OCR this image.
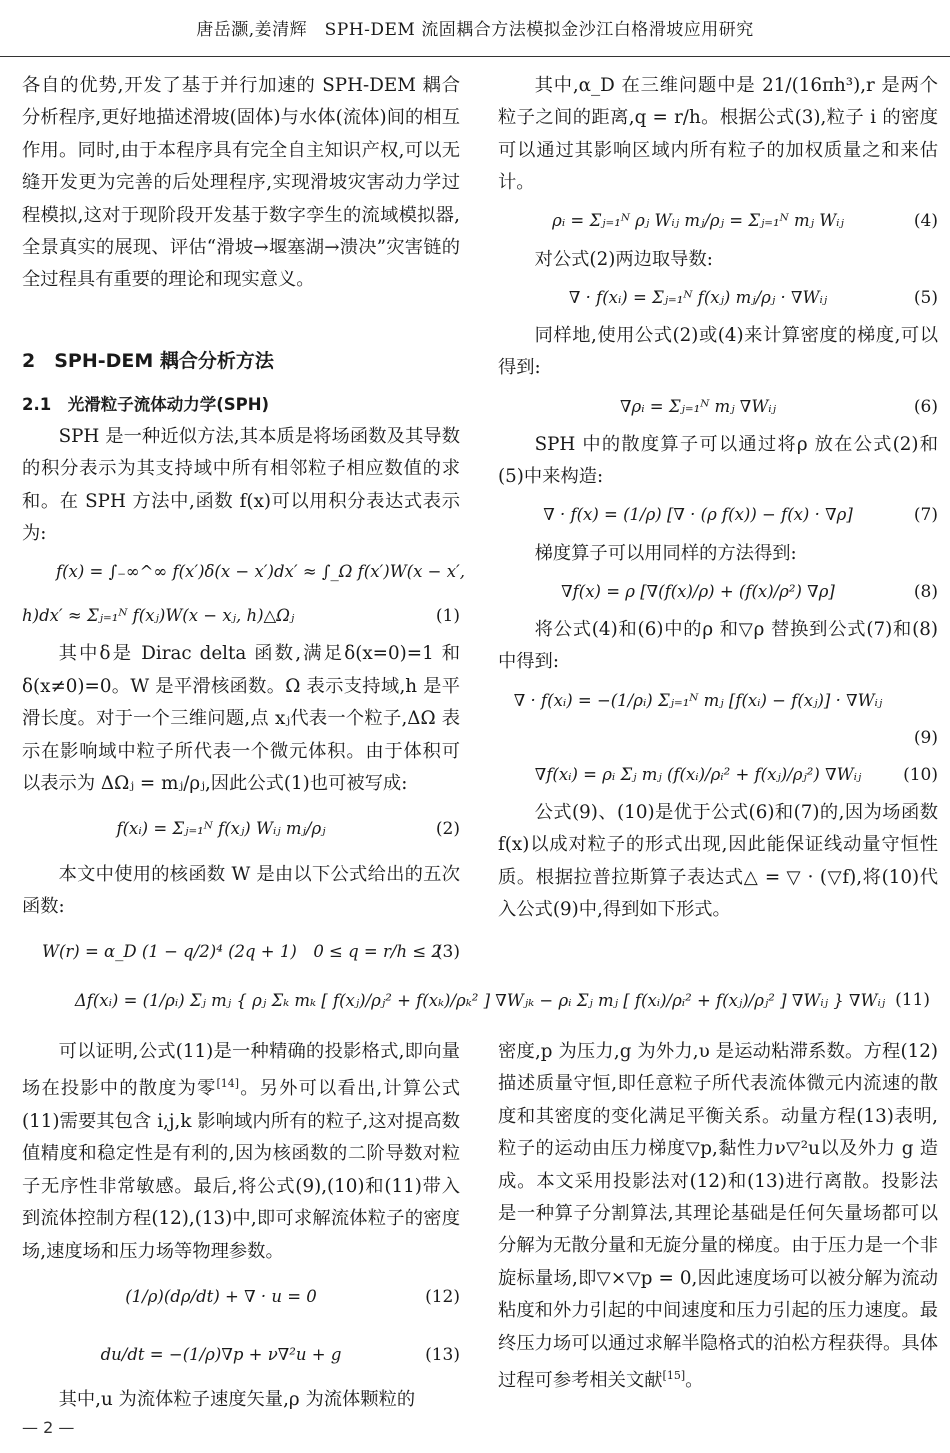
唐岳灏,姜清辉　SPH-DEM 流固耦合方法模拟金沙江白格滑坡应用研究

各自的优势,开发了基于并行加速的 SPH-DEM 耦合分析程序,更好地描述滑坡(固体)与水体(流体)间的相互作用。同时,由于本程序具有完全自主知识产权,可以无缝开发更为完善的后处理程序,实现滑坡灾害动力学过程模拟,这对于现阶段开发基于数字孪生的流域模拟器,全景真实的展现、评估“滑坡→堰塞湖→溃决”灾害链的全过程具有重要的理论和现实意义。

2　SPH-DEM 耦合分析方法
2.1　光滑粒子流体动力学(SPH)

SPH 是一种近似方法,其本质是将场函数及其导数的积分表示为其支持域中所有相邻粒子相应数值的求和。在 SPH 方法中,函数 f(x)可以用积分表达式表示为:

f(x) = ∫₋∞^∞ f(x′)δ(x − x′)dx′ ≈ ∫_Ω f(x′)W(x − x′,
h)dx′ ≈ Σⱼ₌₁ᴺ f(xⱼ)W(x − xⱼ, h)△Ωⱼ	(1)

其中δ是 Dirac delta 函数,满足δ(x=0)=1 和δ(x≠0)=0。W 是平滑核函数。Ω 表示支持域,h 是平滑长度。对于一个三维问题,点 xⱼ代表一个粒子,ΔΩ 表示在影响域中粒子所代表一个微元体积。由于体积可以表示为 ΔΩⱼ = mⱼ/ρⱼ,因此公式(1)也可被写成:

f(xᵢ) = Σⱼ₌₁ᴺ f(xⱼ) Wᵢⱼ mⱼ/ρⱼ	(2)

本文中使用的核函数 W 是由以下公式给出的五次函数:

W(r) = α_D (1 − q/2)⁴ (2q + 1)　0 ≤ q = r/h ≤ 2
(3)

其中,α_D 在三维问题中是 21/(16πh³),r 是两个粒子之间的距离,q = r/h。根据公式(3),粒子 i 的密度可以通过其影响区域内所有粒子的加权质量之和来估计。

ρᵢ = Σⱼ₌₁ᴺ ρⱼ Wᵢⱼ mⱼ/ρⱼ = Σⱼ₌₁ᴺ mⱼ Wᵢⱼ	(4)

对公式(2)两边取导数:

∇ · f(xᵢ) = Σⱼ₌₁ᴺ f(xⱼ) mⱼ/ρⱼ · ∇Wᵢⱼ	(5)

同样地,使用公式(2)或(4)来计算密度的梯度,可以得到:

∇ρᵢ = Σⱼ₌₁ᴺ mⱼ ∇Wᵢⱼ	(6)

SPH 中的散度算子可以通过将ρ 放在公式(2)和(5)中来构造:

∇ · f(x) = (1/ρ) [∇ · (ρ f(x)) − f(x) · ∇ρ]	(7)

梯度算子可以用同样的方法得到:

∇f(x) = ρ [∇(f(x)/ρ) + (f(x)/ρ²) ∇ρ]	(8)

将公式(4)和(6)中的ρ 和▽ρ 替换到公式(7)和(8)中得到:

∇ · f(xᵢ) = −(1/ρᵢ) Σⱼ₌₁ᴺ mⱼ [f(xᵢ) − f(xⱼ)] · ∇Wᵢⱼ
(9)
∇f(xᵢ) = ρᵢ Σⱼ mⱼ (f(xᵢ)/ρᵢ² + f(xⱼ)/ρⱼ²) ∇Wᵢⱼ	(10)

公式(9)、(10)是优于公式(6)和(7)的,因为场函数 f(x)以成对粒子的形式出现,因此能保证线动量守恒性质。根据拉普拉斯算子表达式△ = ▽ · (▽f),将(10)代入公式(9)中,得到如下形式。

Δf(xᵢ) = (1/ρᵢ) Σⱼ mⱼ { ρⱼ Σₖ mₖ [ f(xⱼ)/ρⱼ² + f(xₖ)/ρₖ² ] ∇Wⱼₖ − ρᵢ Σⱼ mⱼ [ f(xᵢ)/ρᵢ² + f(xⱼ)/ρⱼ² ] ∇Wᵢⱼ } ∇Wᵢⱼ (11)

可以证明,公式(11)是一种精确的投影格式,即向量场在投影中的散度为零[14]。另外可以看出,计算公式(11)需要其包含 i,j,k 影响域内所有的粒子,这对提高数值精度和稳定性是有利的,因为核函数的二阶导数对粒子无序性非常敏感。最后,将公式(9),(10)和(11)带入到流体控制方程(12),(13)中,即可求解流体粒子的密度场,速度场和压力场等物理参数。

(1/ρ)(dρ/dt) + ∇ · u = 0	(12)
du/dt = −(1/ρ)∇p + ν∇²u + g	(13)

其中,u 为流体粒子速度矢量,ρ 为流体颗粒的

密度,p 为压力,g 为外力,υ 是运动粘滞系数。方程(12)描述质量守恒,即任意粒子所代表流体微元内流速的散度和其密度的变化满足平衡关系。动量方程(13)表明,粒子的运动由压力梯度▽p,黏性力ν▽²u以及外力 g 造成。本文采用投影法对(12)和(13)进行离散。投影法是一种算子分割算法,其理论基础是任何矢量场都可以分解为无散分量和无旋分量的梯度。由于压力是一个非旋标量场,即▽×▽p = 0,因此速度场可以被分解为流动粘度和外力引起的中间速度和压力引起的压力速度。最终压力场可以通过求解半隐格式的泊松方程获得。具体过程可参考相关文献[15]。

— 2 —
